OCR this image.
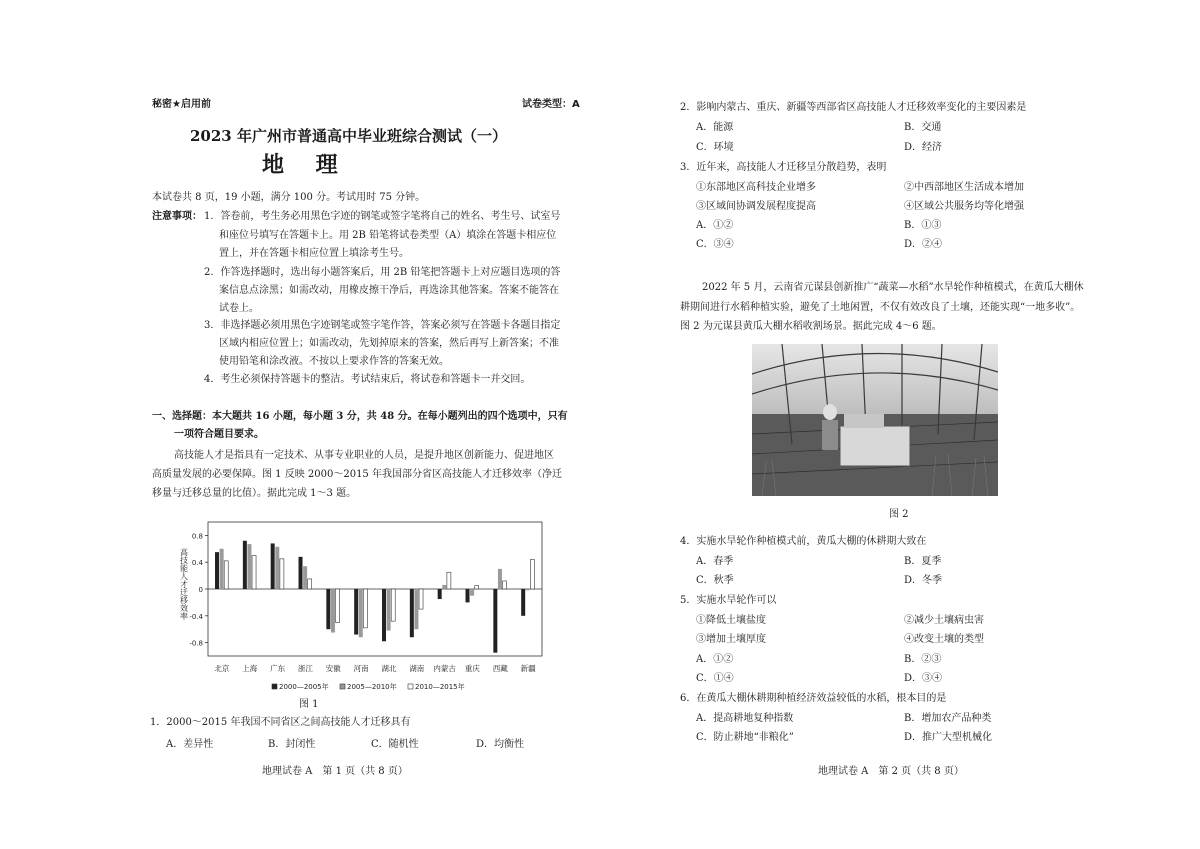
秘密★启用前	试卷类型：A
2023 年广州市普通高中毕业班综合测试（一）
地 理
本试卷共 8 页，19 小题，满分 100 分。考试用时 75 分钟。
注意事项： 1．答卷前，考生务必用黑色字迹的钢笔或签字笔将自己的姓名、考生号、试室号
和座位号填写在答题卡上。用 2B 铅笔将试卷类型（A）填涂在答题卡相应位
置上，并在答题卡相应位置上填涂考生号。
2．作答选择题时，选出每小题答案后，用 2B 铅笔把答题卡上对应题目选项的答
案信息点涂黑；如需改动，用橡皮擦干净后，再选涂其他答案。答案不能答在
试卷上。
3．非选择题必须用黑色字迹钢笔或签字笔作答，答案必须写在答题卡各题目指定
区域内相应位置上；如需改动，先划掉原来的答案，然后再写上新答案；不准
使用铅笔和涂改液。不按以上要求作答的答案无效。
4．考生必须保持答题卡的整洁。考试结束后，将试卷和答题卡一并交回。
一、选择题：本大题共 16 小题，每小题 3 分，共 48 分。在每小题列出的四个选项中，只有
一项符合题目要求。
高技能人才是指具有一定技术、从事专业职业的人员，是提升地区创新能力、促进地区
高质量发展的必要保障。图 1 反映 2000～2015 年我国部分省区高技能人才迁移效率（净迁
移量与迁移总量的比值）。据此完成 1～3 题。
0.8
0.4
0
-0.4
-0.8
北京 上海 广东 浙江 安徽 河南 湖北 湖南 内蒙古 重庆 西藏 新疆
高技能人才迁移效率
2000—2005年	2005—2010年	2010—2015年
图 1
1．2000～2015 年我国不同省区之间高技能人才迁移具有
A．差异性	B．封闭性	C．随机性	D．均衡性
地理试卷 A　第 1 页（共 8 页）
2．影响内蒙古、重庆、新疆等西部省区高技能人才迁移效率变化的主要因素是
A．能源	B．交通
C．环境	D．经济
3．近年来，高技能人才迁移呈分散趋势，表明
①东部地区高科技企业增多	②中西部地区生活成本增加
③区域间协调发展程度提高	④区域公共服务均等化增强
A．①②	B．①③
C．③④	D．②④
2022 年 5 月，云南省元谋县创新推广“蔬菜—水稻”水旱轮作种植模式，在黄瓜大棚休
耕期间进行水稻种植实验，避免了土地闲置，不仅有效改良了土壤，还能实现“一地多收”。
图 2 为元谋县黄瓜大棚水稻收割场景。据此完成 4～6 题。
图 2
4．实施水旱轮作种植模式前，黄瓜大棚的休耕期大致在
A．春季	B．夏季
C．秋季	D．冬季
5．实施水旱轮作可以
①降低土壤盐度	②减少土壤病虫害
③增加土壤厚度	④改变土壤的类型
A．①②	B．②③
C．①④	D．③④
6．在黄瓜大棚休耕期种植经济效益较低的水稻，根本目的是
A．提高耕地复种指数	B．增加农产品种类
C．防止耕地“非粮化”	D．推广大型机械化
地理试卷 A　第 2 页（共 8 页）
